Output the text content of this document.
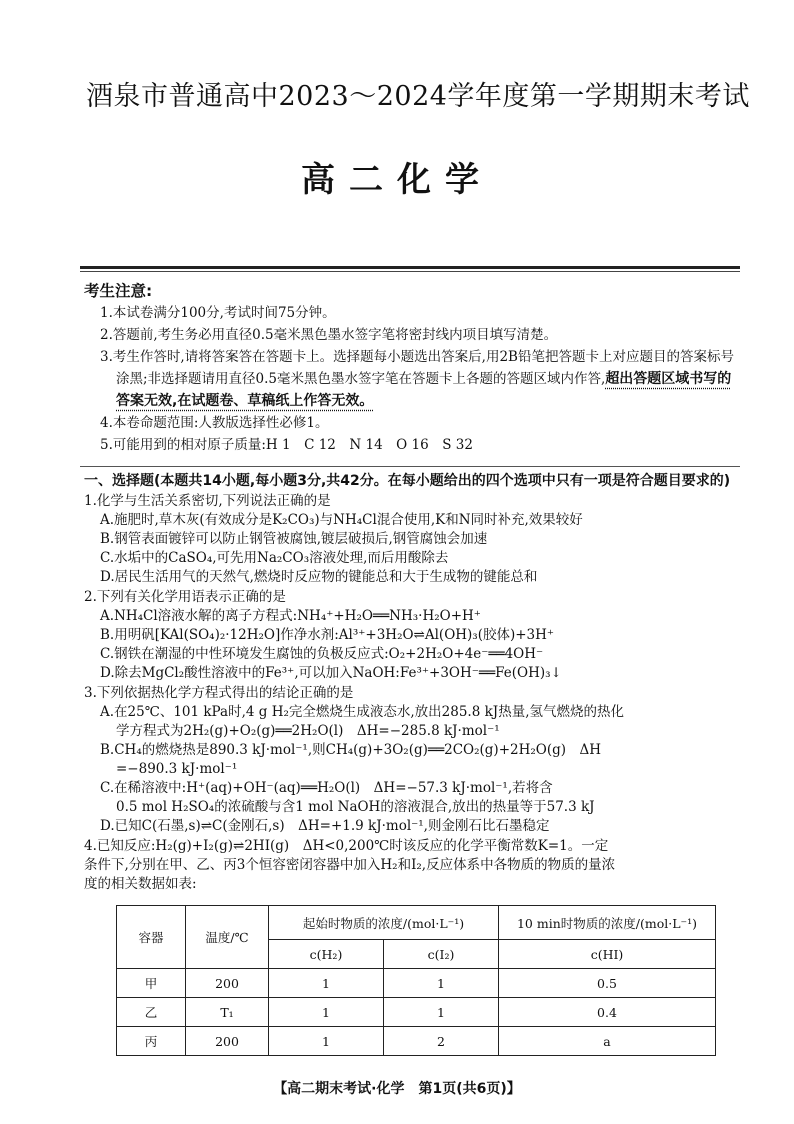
酒泉市普通高中2023～2024学年度第一学期期末考试
高二化学
考生注意:
1.本试卷满分100分,考试时间75分钟。
2.答题前,考生务必用直径0.5毫米黑色墨水签字笔将密封线内项目填写清楚。
3.考生作答时,请将答案答在答题卡上。选择题每小题选出答案后,用2B铅笔把答题卡上对应题目的答案标号涂黑;非选择题请用直径0.5毫米黑色墨水签字笔在答题卡上各题的答题区域内作答,超出答题区域书写的答案无效,在试题卷、草稿纸上作答无效。
4.本卷命题范围:人教版选择性必修1。
5.可能用到的相对原子质量:H 1　C 12　N 14　O 16　S 32
一、选择题(本题共14小题,每小题3分,共42分。在每小题给出的四个选项中只有一项是符合题目要求的)
1.化学与生活关系密切,下列说法正确的是
A.施肥时,草木灰(有效成分是K₂CO₃)与NH₄Cl混合使用,K和N同时补充,效果较好
B.钢管表面镀锌可以防止钢管被腐蚀,镀层破损后,钢管腐蚀会加速
C.水垢中的CaSO₄,可先用Na₂CO₃溶液处理,而后用酸除去
D.居民生活用气的天然气,燃烧时反应物的键能总和大于生成物的键能总和
2.下列有关化学用语表示正确的是
A.NH₄Cl溶液水解的离子方程式:NH₄⁺+H₂O══NH₃·H₂O+H⁺
B.用明矾[KAl(SO₄)₂·12H₂O]作净水剂:Al³⁺+3H₂O⇌Al(OH)₃(胶体)+3H⁺
C.钢铁在潮湿的中性环境发生腐蚀的负极反应式:O₂+2H₂O+4e⁻══4OH⁻
D.除去MgCl₂酸性溶液中的Fe³⁺,可以加入NaOH:Fe³⁺+3OH⁻══Fe(OH)₃↓
3.下列依据热化学方程式得出的结论正确的是
A.在25℃、101 kPa时,4 g H₂完全燃烧生成液态水,放出285.8 kJ热量,氢气燃烧的热化
学方程式为2H₂(g)+O₂(g)══2H₂O(l)　ΔH=−285.8 kJ·mol⁻¹
B.CH₄的燃烧热是890.3 kJ·mol⁻¹,则CH₄(g)+3O₂(g)══2CO₂(g)+2H₂O(g)　ΔH
=−890.3 kJ·mol⁻¹
C.在稀溶液中:H⁺(aq)+OH⁻(aq)══H₂O(l)　ΔH=−57.3 kJ·mol⁻¹,若将含
0.5 mol H₂SO₄的浓硫酸与含1 mol NaOH的溶液混合,放出的热量等于57.3 kJ
D.已知C(石墨,s)⇌C(金刚石,s)　ΔH=+1.9 kJ·mol⁻¹,则金刚石比石墨稳定
4.已知反应:H₂(g)+I₂(g)⇌2HI(g)　ΔH<0,200℃时该反应的化学平衡常数K=1。一定
条件下,分别在甲、乙、丙3个恒容密闭容器中加入H₂和I₂,反应体系中各物质的物质的量浓
度的相关数据如表:
容器	温度/℃	起始时物质的浓度/(mol·L⁻¹)		10 min时物质的浓度/(mol·L⁻¹)
		c(H₂)	c(I₂)	c(HI)
甲	200	1	1	0.5
乙	T₁	1	1	0.4
丙	200	1	2	a
【高二期末考试·化学　第1页(共6页)】
